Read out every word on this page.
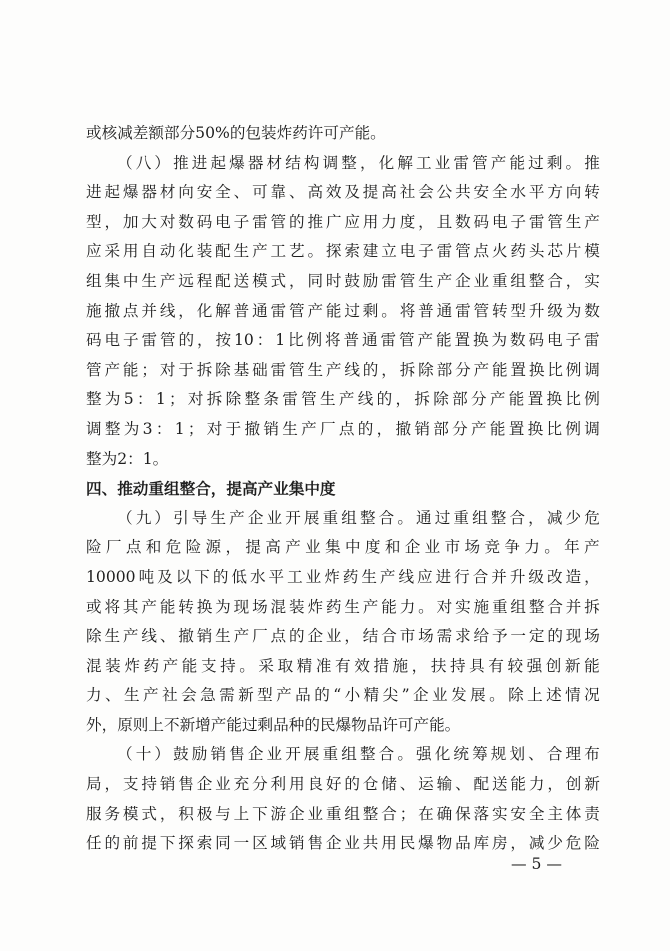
或核减差额部分50%的包装炸药许可产能。
（ 八 ） 推 进 起 爆 器 材 结 构 调 整 ， 化 解 工 业 雷 管 产 能 过 剩 。 推
进 起 爆 器 材 向 安 全 、 可 靠 、 高 效 及 提 高 社 会 公 共 安 全 水 平 方 向 转
型 ， 加 大 对 数 码 电 子 雷 管 的 推 广 应 用 力 度 ， 且 数 码 电 子 雷 管 生 产
应 采 用 自 动 化 装 配 生 产 工 艺 。 探 索 建 立 电 子 雷 管 点 火 药 头 芯 片 模
组 集 中 生 产 远 程 配 送 模 式 ， 同 时 鼓 励 雷 管 生 产 企 业 重 组 整 合 ， 实
施 撤 点 并 线 ， 化 解 普 通 雷 管 产 能 过 剩 。 将 普 通 雷 管 转 型 升 级 为 数
码 电 子 雷 管 的 ， 按 10 ： 1 比 例 将 普 通 雷 管 产 能 置 换 为 数 码 电 子 雷
管 产 能 ； 对 于 拆 除 基 础 雷 管 生 产 线 的 ， 拆 除 部 分 产 能 置 换 比 例 调
整 为 5 ： 1 ； 对 拆 除 整 条 雷 管 生 产 线 的 ， 拆 除 部 分 产 能 置 换 比 例
调 整 为 3 ： 1 ； 对 于 撤 销 生 产 厂 点 的 ， 撤 销 部 分 产 能 置 换 比 例 调
整为2：1。
四、推动重组整合，提高产业集中度
（ 九 ） 引 导 生 产 企 业 开 展 重 组 整 合 。 通 过 重 组 整 合 ， 减 少 危
险 厂 点 和 危 险 源 ， 提 高 产 业 集 中 度 和 企 业 市 场 竞 争 力 。 年 产
10000 吨 及 以 下 的 低 水 平 工 业 炸 药 生 产 线 应 进 行 合 并 升 级 改 造 ，
或 将 其 产 能 转 换 为 现 场 混 装 炸 药 生 产 能 力 。 对 实 施 重 组 整 合 并 拆
除 生 产 线 、 撤 销 生 产 厂 点 的 企 业 ， 结 合 市 场 需 求 给 予 一 定 的 现 场
混 装 炸 药 产 能 支 持 。 采 取 精 准 有 效 措 施 ， 扶 持 具 有 较 强 创 新 能
力 、 生 产 社 会 急 需 新 型 产 品 的 “ 小 精 尖 ” 企 业 发 展 。 除 上 述 情 况
外，原则上不新增产能过剩品种的民爆物品许可产能。
（ 十 ） 鼓 励 销 售 企 业 开 展 重 组 整 合 。 强 化 统 筹 规 划 、 合 理 布
局 ， 支 持 销 售 企 业 充 分 利 用 良 好 的 仓 储 、 运 输 、 配 送 能 力 ， 创 新
服 务 模 式 ， 积 极 与 上 下 游 企 业 重 组 整 合 ； 在 确 保 落 实 安 全 主 体 责
任 的 前 提 下 探 索 同 一 区 域 销 售 企 业 共 用 民 爆 物 品 库 房 ， 减 少 危 险
— 5 —
